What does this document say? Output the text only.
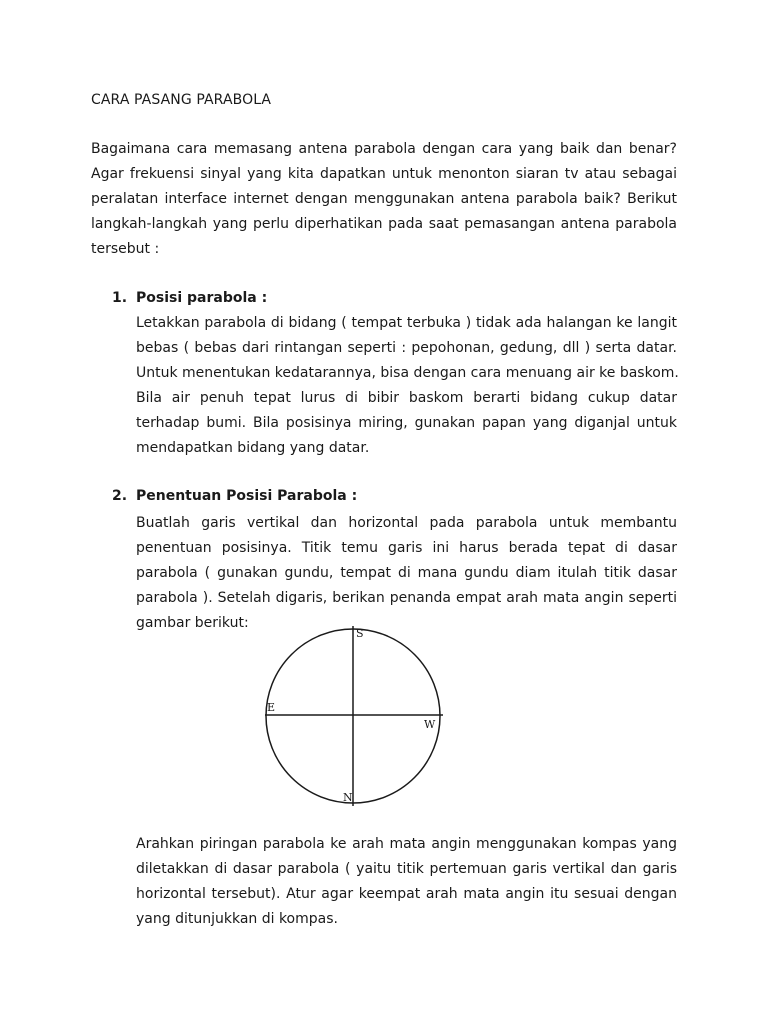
CARA PASANG PARABOLA
Bagaimana cara memasang antena parabola dengan cara yang baik dan benar?
Agar frekuensi sinyal yang kita dapatkan untuk menonton siaran tv atau sebagai
peralatan interface internet dengan menggunakan antena parabola baik? Berikut
langkah-langkah yang perlu diperhatikan pada saat pemasangan antena parabola
tersebut :
1. Posisi parabola :
Letakkan parabola di bidang ( tempat terbuka ) tidak ada halangan ke langit
bebas ( bebas dari rintangan seperti : pepohonan, gedung, dll ) serta datar.
Untuk menentukan kedatarannya, bisa dengan cara menuang air ke baskom.
Bila air penuh tepat lurus di bibir baskom berarti bidang cukup datar
terhadap bumi. Bila posisinya miring, gunakan papan yang diganjal untuk
mendapatkan bidang yang datar.
2. Penentuan Posisi Parabola :
Buatlah garis vertikal dan horizontal pada parabola untuk membantu
penentuan posisinya. Titik temu garis ini harus berada tepat di dasar
parabola ( gunakan gundu, tempat di mana gundu diam itulah titik dasar
parabola ). Setelah digaris, berikan penanda empat arah mata angin seperti
gambar berikut:
S
E
W
N
Arahkan piringan parabola ke arah mata angin menggunakan kompas yang
diletakkan di dasar parabola ( yaitu titik pertemuan garis vertikal dan garis
horizontal tersebut). Atur agar keempat arah mata angin itu sesuai dengan
yang ditunjukkan di kompas.
